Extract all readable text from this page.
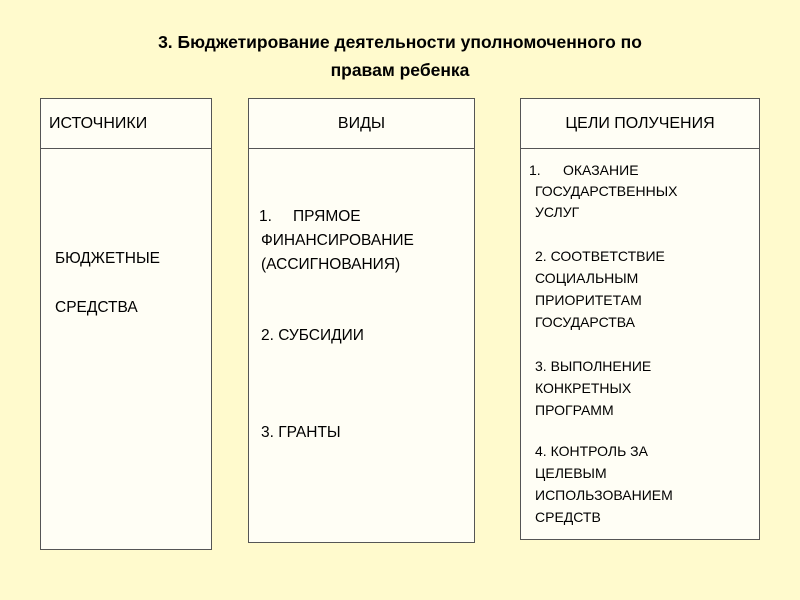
3. Бюджетирование деятельности уполномоченного по
правам ребенка
ИСТОЧНИКИ
БЮДЖЕТНЫЕ
СРЕДСТВА
ВИДЫ
1. ПРЯМОЕ
ФИНАНСИРОВАНИЕ
(АССИГНОВАНИЯ)
2. СУБСИДИИ
3. ГРАНТЫ
ЦЕЛИ ПОЛУЧЕНИЯ
1. ОКАЗАНИЕ
ГОСУДАРСТВЕННЫХ
УСЛУГ
2. СООТВЕТСТВИЕ
СОЦИАЛЬНЫМ
ПРИОРИТЕТАМ
ГОСУДАРСТВА
3. ВЫПОЛНЕНИЕ
КОНКРЕТНЫХ
ПРОГРАММ
4. КОНТРОЛЬ ЗА
ЦЕЛЕВЫМ
ИСПОЛЬЗОВАНИЕМ
СРЕДСТВ
